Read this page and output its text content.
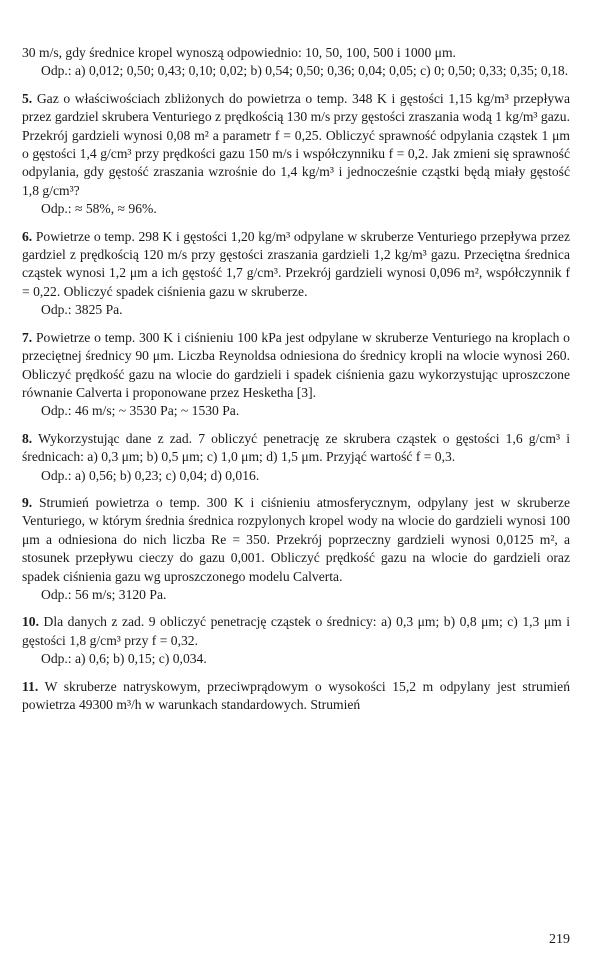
30 m/s, gdy średnice kropel wynoszą odpowiednio: 10, 50, 100, 500 i 1000 μm.

Odp.: a) 0,012; 0,50; 0,43; 0,10; 0,02; b) 0,54; 0,50; 0,36; 0,04; 0,05; c) 0; 0,50; 0,33; 0,35; 0,18.

5. Gaz o właściwościach zbliżonych do powietrza o temp. 348 K i gęstości 1,15 kg/m³ przepływa przez gardziel skrubera Venturiego z prędkością 130 m/s przy gęstości zraszania wodą 1 kg/m³ gazu. Przekrój gardzieli wynosi 0,08 m² a parametr f = 0,25. Obliczyć sprawność odpylania cząstek 1 μm o gęstości 1,4 g/cm³ przy prędkości gazu 150 m/s i współczynniku f = 0,2. Jak zmieni się sprawność odpylania, gdy gęstość zraszania wzrośnie do 1,4 kg/m³ i jednocześnie cząstki będą miały gęstość 1,8 g/cm³?

Odp.: ≈ 58%, ≈ 96%.

6. Powietrze o temp. 298 K i gęstości 1,20 kg/m³ odpylane w skruberze Venturiego przepływa przez gardziel z prędkością 120 m/s przy gęstości zraszania gardzieli 1,2 kg/m³ gazu. Przeciętna średnica cząstek wynosi 1,2 μm a ich gęstość 1,7 g/cm³. Przekrój gardzieli wynosi 0,096 m², współczynnik f = 0,22. Obliczyć spadek ciśnienia gazu w skruberze.

Odp.: 3825 Pa.

7. Powietrze o temp. 300 K i ciśnieniu 100 kPa jest odpylane w skruberze Venturiego na kroplach o przeciętnej średnicy 90 μm. Liczba Reynoldsa odniesiona do średnicy kropli na wlocie wynosi 260. Obliczyć prędkość gazu na wlocie do gardzieli i spadek ciśnienia gazu wykorzystując uproszczone równanie Calverta i proponowane przez Hesketha [3].

Odp.: 46 m/s; ~ 3530 Pa; ~ 1530 Pa.

8. Wykorzystując dane z zad. 7 obliczyć penetrację ze skrubera cząstek o gęstości 1,6 g/cm³ i średnicach: a) 0,3 μm; b) 0,5 μm; c) 1,0 μm; d) 1,5 μm. Przyjąć wartość f = 0,3.

Odp.: a) 0,56; b) 0,23; c) 0,04; d) 0,016.

9. Strumień powietrza o temp. 300 K i ciśnieniu atmosferycznym, odpylany jest w skruberze Venturiego, w którym średnia średnica rozpylonych kropel wody na wlocie do gardzieli wynosi 100 μm a odniesiona do nich liczba Re = 350. Przekrój poprzeczny gardzieli wynosi 0,0125 m², a stosunek przepływu cieczy do gazu 0,001. Obliczyć prędkość gazu na wlocie do gardzieli oraz spadek ciśnienia gazu wg uproszczonego modelu Calverta.

Odp.: 56 m/s; 3120 Pa.

10. Dla danych z zad. 9 obliczyć penetrację cząstek o średnicy: a) 0,3 μm; b) 0,8 μm; c) 1,3 μm i gęstości 1,8 g/cm³ przy f = 0,32.

Odp.: a) 0,6; b) 0,15; c) 0,034.

11. W skruberze natryskowym, przeciwprądowym o wysokości 15,2 m odpylany jest strumień powietrza 49300 m³/h w warunkach standardowych. Strumień

219
